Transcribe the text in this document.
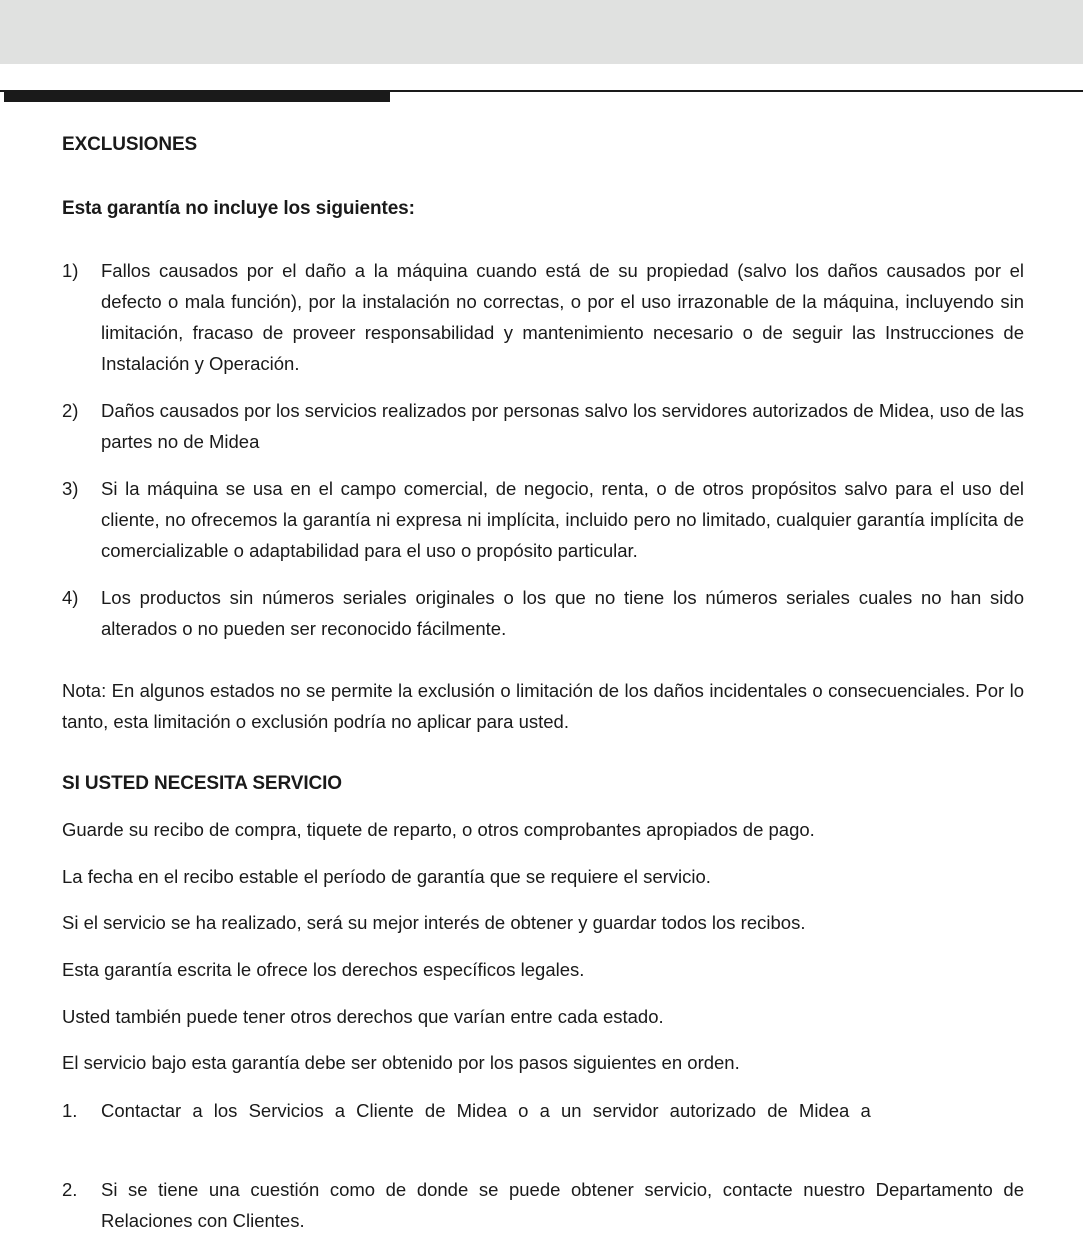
EXCLUSIONES
Esta garantía no incluye los siguientes:
1)	Fallos causados por el daño a la máquina cuando está de su propiedad (salvo los daños causados por el defecto o mala función), por la instalación no correctas, o por el uso irrazonable de la máquina, incluyendo sin limitación, fracaso de proveer responsabilidad y mantenimiento necesario o de seguir las Instrucciones de Instalación y Operación.
2)	Daños causados por los servicios realizados por personas salvo los servidores autorizados de Midea, uso de las partes no de Midea
3)	Si la máquina se usa en el campo comercial, de negocio, renta, o de otros propósitos salvo para el uso del cliente, no ofrecemos la garantía ni expresa ni implícita, incluido pero no limitado, cualquier garantía implícita de comercializable o adaptabilidad para el uso o propósito particular.
4)	Los productos sin números seriales originales o los que no tiene los números seriales cuales no han sido alterados o no pueden ser reconocido fácilmente.

Nota: En algunos estados no se permite la exclusión o limitación de los daños incidentales o consecuenciales. Por lo tanto, esta limitación o exclusión podría no aplicar para usted.

SI USTED NECESITA SERVICIO

Guarde su recibo de compra, tiquete de reparto, o otros comprobantes apropiados de pago.

La fecha en el recibo estable el período de garantía que se requiere el servicio.

Si el servicio se ha realizado, será su mejor interés de obtener y guardar todos los recibos.

Esta garantía escrita le ofrece los derechos específicos legales.

Usted también puede tener otros derechos que varían entre cada estado.

El servicio bajo esta garantía debe ser obtenido por los pasos siguientes en orden.

1.	Contactar a los Servicios a Cliente de Midea o a un servidor autorizado de Midea a
2.	Si se tiene una cuestión como de donde se puede obtener servicio, contacte nuestro Departamento de Relaciones con Clientes.
